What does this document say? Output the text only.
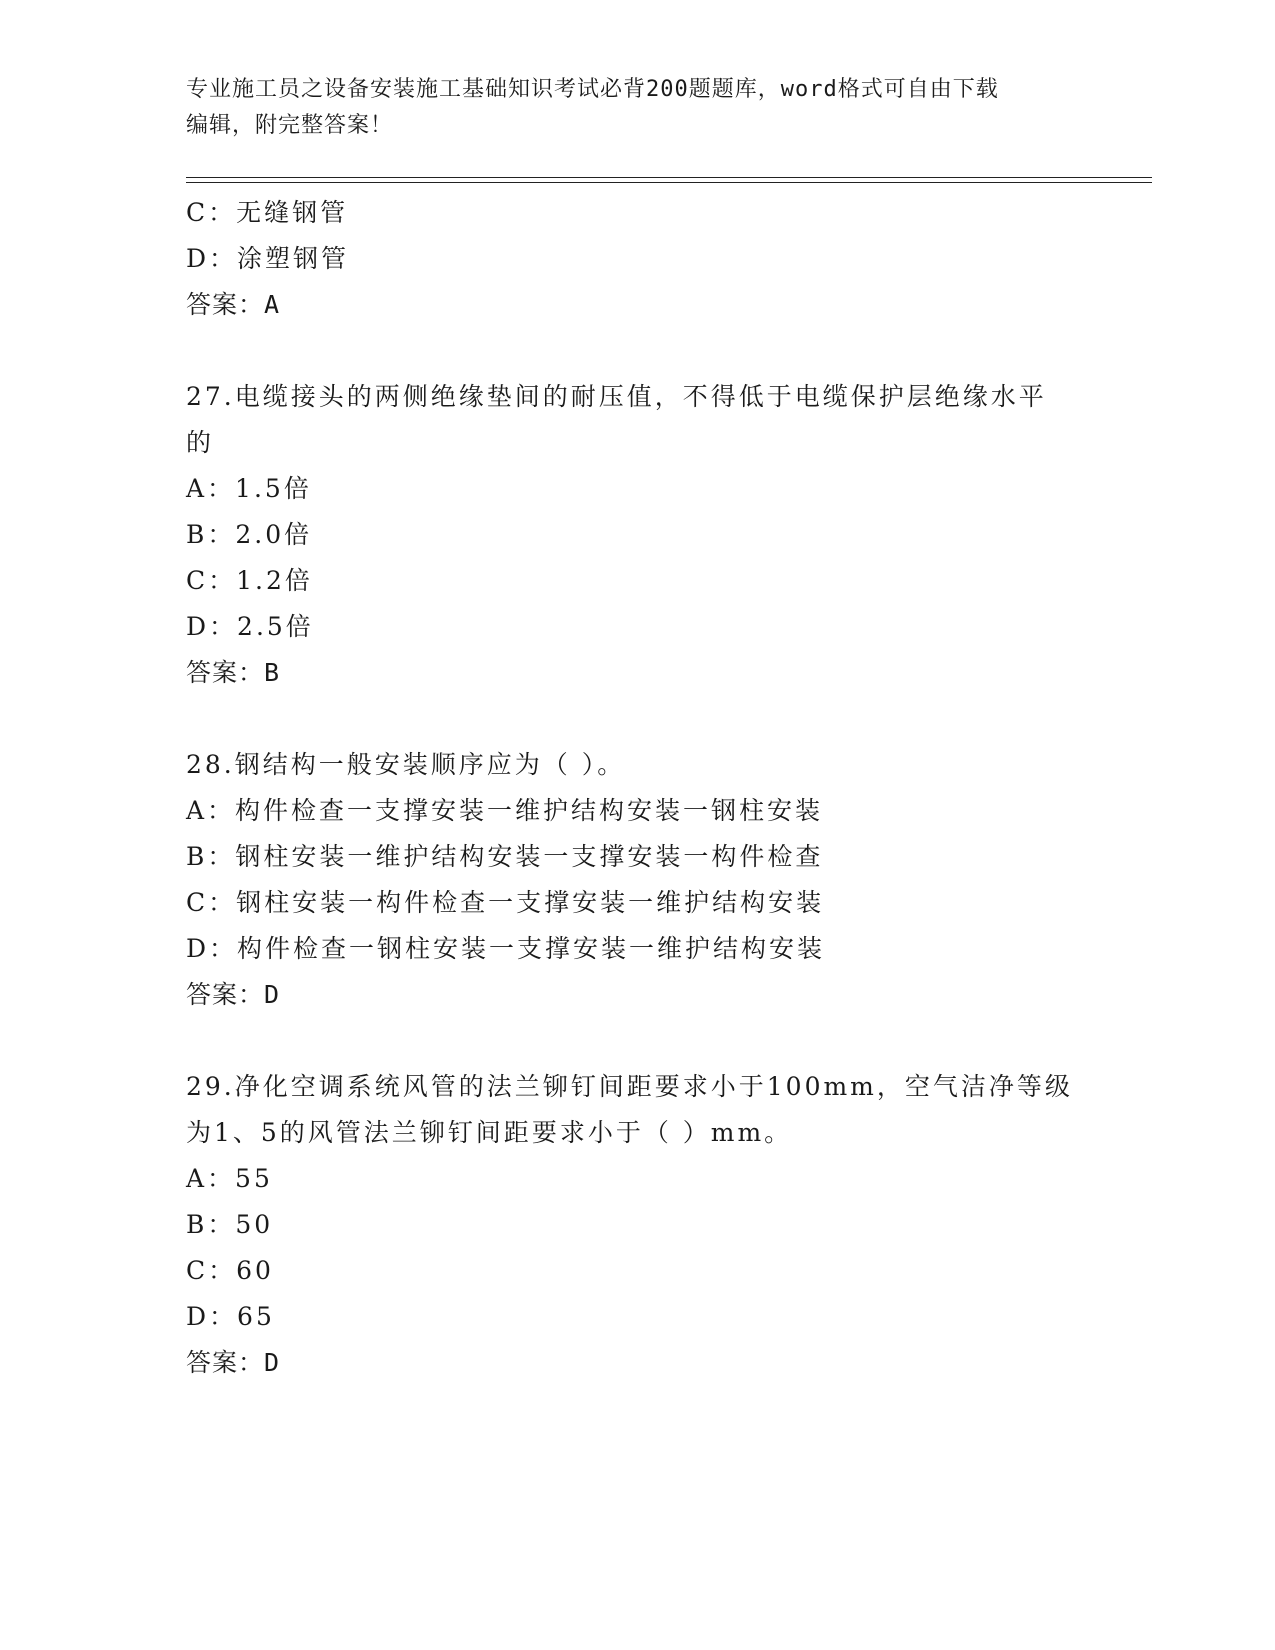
专业施工员之设备安装施工基础知识考试必背200题题库，word格式可自由下载
编辑，附完整答案！
C：无缝钢管
D：涂塑钢管
答案：A
27.电缆接头的两侧绝缘垫间的耐压值，不得低于电缆保护层绝缘水平
的
A：1.5倍
B：2.0倍
C：1.2倍
D：2.5倍
答案：B
28.钢结构一般安装顺序应为（ ）。
A：构件检查一支撑安装一维护结构安装一钢柱安装
B：钢柱安装一维护结构安装一支撑安装一构件检查
C：钢柱安装一构件检查一支撑安装一维护结构安装
D：构件检查一钢柱安装一支撑安装一维护结构安装
答案：D
29.净化空调系统风管的法兰铆钉间距要求小于100mm，空气洁净等级
为1、5的风管法兰铆钉间距要求小于（ ）mm。
A：55
B：50
C：60
D：65
答案：D
